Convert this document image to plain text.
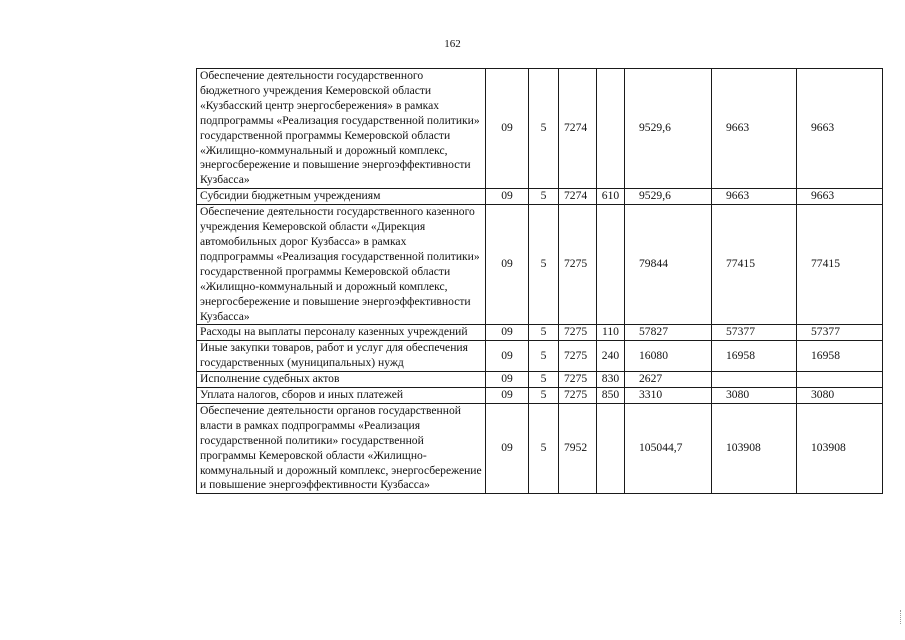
162
Обеспечение деятельности государственного бюджетного учреждения Кемеровской области «Кузбасский центр энергосбережения» в рамках подпрограммы «Реализация государственной политики» государственной программы Кемеровской области «Жилищно-коммунальный и дорожный комплекс, энергосбережение и повышение энергоэффективности Кузбасса»	09	5	7274		9529,6	9663	9663
Субсидии бюджетным учреждениям	09	5	7274	610	9529,6	9663	9663
Обеспечение деятельности государственного казенного учреждения Кемеровской области «Дирекция автомобильных дорог Кузбасса» в рамках подпрограммы «Реализация государственной политики» государственной программы Кемеровской области «Жилищно-коммунальный и дорожный комплекс, энергосбережение и повышение энергоэффективности Кузбасса»	09	5	7275		79844	77415	77415
Расходы на выплаты персоналу казенных учреждений	09	5	7275	110	57827	57377	57377
Иные закупки товаров, работ и услуг для обеспечения государственных (муниципальных) нужд	09	5	7275	240	16080	16958	16958
Исполнение судебных актов	09	5	7275	830	2627		
Уплата налогов, сборов и иных платежей	09	5	7275	850	3310	3080	3080
Обеспечение деятельности органов государственной власти в рамках подпрограммы «Реализация государственной политики» государственной программы Кемеровской области «Жилищно-коммунальный и дорожный комплекс, энергосбережение и повышение энергоэффективности Кузбасса»	09	5	7952		105044,7	103908	103908
